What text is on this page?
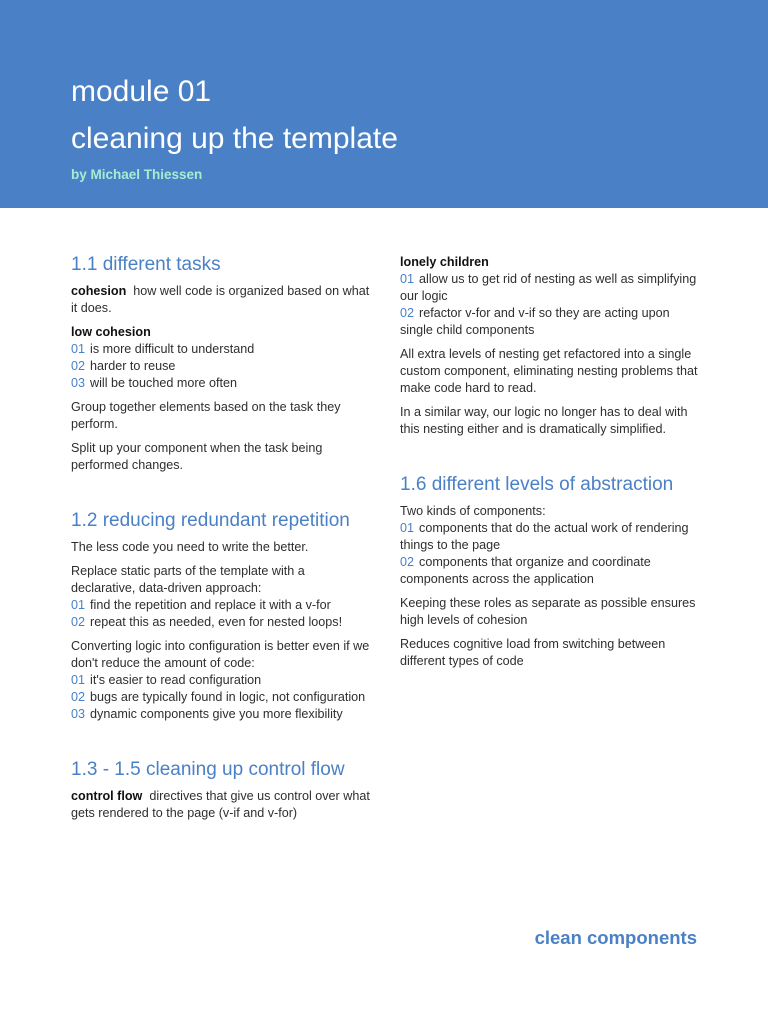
module 01
cleaning up the template
by Michael Thiessen
1.1 different tasks

cohesion how well code is organized based on what it does.

low cohesion
01 is more difficult to understand
02 harder to reuse
03 will be touched more often

Group together elements based on the task they perform.

Split up your component when the task being performed changes.

1.2 reducing redundant repetition

The less code you need to write the better.

Replace static parts of the template with a declarative, data-driven approach:
01 find the repetition and replace it with a v-for
02 repeat this as needed, even for nested loops!
Converting logic into configuration is better even if we don't reduce the amount of code:
01 it's easier to read configuration
02 bugs are typically found in logic, not configuration
03 dynamic components give you more flexibility
1.3 - 1.5 cleaning up control flow

control flow directives that give us control over what gets rendered to the page (v-if and v-for)

lonely children
01 allow us to get rid of nesting as well as simplifying our logic
02 refactor v-for and v-if so they are acting upon single child components

All extra levels of nesting get refactored into a single custom component, eliminating nesting problems that make code hard to read.

In a similar way, our logic no longer has to deal with this nesting either and is dramatically simplified.

1.6 different levels of abstraction
Two kinds of components:
01 components that do the actual work of rendering things to the page
02 components that organize and coordinate components across the application

Keeping these roles as separate as possible ensures high levels of cohesion

Reduces cognitive load from switching between different types of code

clean components
